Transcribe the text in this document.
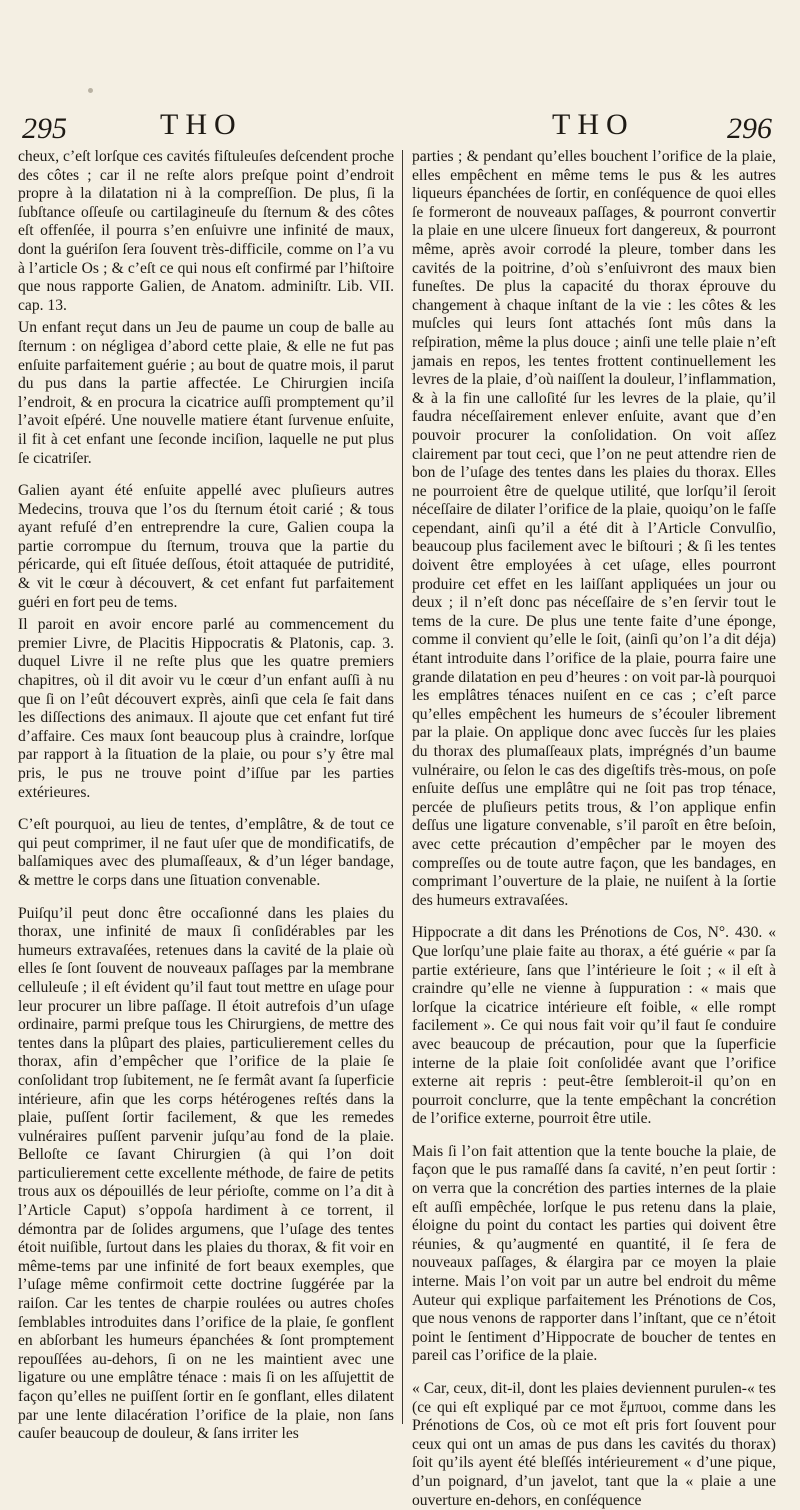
295	THO	THO	296

cheux, c’eſt lorſque ces cavités fiſtuleuſes deſcendent proche des côtes ; car il ne reſte alors preſque point d’endroit propre à la dilatation ni à la compreſſion. De plus, ſi la ſubſtance oſſeuſe ou cartilagineuſe du ſternum & des côtes eſt offenſée, il pourra s’en enſuivre une infinité de maux, dont la guériſon ſera ſouvent très-difficile, comme on l’a vu à l’article Os ; & c’eſt ce qui nous eſt confirmé par l’hiſtoire que nous rapporte Galien, de Anatom. adminiſtr. Lib. VII. cap. 13.

Un enfant reçut dans un Jeu de paume un coup de balle au ſternum : on négligea d’abord cette plaie, & elle ne fut pas enſuite parfaitement guérie ; au bout de quatre mois, il parut du pus dans la partie affectée. Le Chirurgien inciſa l’endroit, & en procura la cicatrice auſſi promptement qu’il l’avoit eſpéré. Une nouvelle matiere étant ſurvenue enſuite, il fit à cet enfant une ſeconde inciſion, laquelle ne put plus ſe cicatriſer.

Galien ayant été enſuite appellé avec pluſieurs autres Medecins, trouva que l’os du ſternum étoit carié ; & tous ayant refuſé d’en entreprendre la cure, Galien coupa la partie corrompue du ſternum, trouva que la partie du péricarde, qui eſt ſituée deſſous, étoit attaquée de putridité, & vit le cœur à découvert, & cet enfant fut parfaitement guéri en fort peu de tems.

Il paroit en avoir encore parlé au commencement du premier Livre, de Placitis Hippocratis & Platonis, cap. 3. duquel Livre il ne reſte plus que les quatre premiers chapitres, où il dit avoir vu le cœur d’un enfant auſſi à nu que ſi on l’eût découvert exprès, ainſi que cela ſe fait dans les diſſections des animaux. Il ajoute que cet enfant fut tiré d’affaire. Ces maux ſont beaucoup plus à craindre, lorſque par rapport à la ſituation de la plaie, ou pour s’y être mal pris, le pus ne trouve point d’iſſue par les parties extérieures.

C’eſt pourquoi, au lieu de tentes, d’emplâtre, & de tout ce qui peut comprimer, il ne faut uſer que de mondificatifs, de balſamiques avec des plumaſſeaux, & d’un léger bandage, & mettre le corps dans une ſituation convenable.

Puiſqu’il peut donc être occaſionné dans les plaies du thorax, une infinité de maux ſi conſidérables par les humeurs extravaſées, retenues dans la cavité de la plaie où elles ſe ſont ſouvent de nouveaux paſſages par la membrane celluleuſe ; il eſt évident qu’il faut tout mettre en uſage pour leur procurer un libre paſſage. Il étoit autrefois d’un uſage ordinaire, parmi preſque tous les Chirurgiens, de mettre des tentes dans la plûpart des plaies, particulierement celles du thorax, afin d’empêcher que l’orifice de la plaie ſe conſolidant trop ſubitement, ne ſe fermât avant ſa ſuperficie intérieure, afin que les corps hétérogenes reſtés dans la plaie, puſſent ſortir facilement, & que les remedes vulnéraires puſſent parvenir juſqu’au fond de la plaie. Belloſte ce ſavant Chirurgien (à qui l’on doit particulierement cette excellente méthode, de faire de petits trous aux os dépouillés de leur périoſte, comme on l’a dit à l’Article Caput) s’oppoſa hardiment à ce torrent, il démontra par de ſolides argumens, que l’uſage des tentes étoit nuiſible, ſurtout dans les plaies du thorax, & fit voir en même-tems par une infinité de fort beaux exemples, que l’uſage même confirmoit cette doctrine ſuggérée par la raiſon. Car les tentes de charpie roulées ou autres choſes ſemblables introduites dans l’orifice de la plaie, ſe gonflent en abſorbant les humeurs épanchées & ſont promptement repouſſées au-dehors, ſi on ne les maintient avec une ligature ou une emplâtre ténace : mais ſi on les aſſujettit de façon qu’elles ne puiſſent ſortir en ſe gonflant, elles dilatent par une lente dilacération l’orifice de la plaie, non ſans cauſer beaucoup de douleur, & ſans irriter les

parties ; & pendant qu’elles bouchent l’orifice de la plaie, elles empêchent en même tems le pus & les autres liqueurs épanchées de ſortir, en conſéquence de quoi elles ſe formeront de nouveaux paſſages, & pourront convertir la plaie en une ulcere ſinueux fort dangereux, & pourront même, après avoir corrodé la pleure, tomber dans les cavités de la poitrine, d’où s’enſuivront des maux bien funeſtes. De plus la capacité du thorax éprouve du changement à chaque inſtant de la vie : les côtes & les muſcles qui leurs ſont attachés ſont mûs dans la reſpiration, même la plus douce ; ainſi une telle plaie n’eſt jamais en repos, les tentes frottent continuellement les levres de la plaie, d’où naiſſent la douleur, l’inflammation, & à la fin une calloſité ſur les levres de la plaie, qu’il faudra néceſſairement enlever enſuite, avant que d’en pouvoir procurer la conſolidation. On voit aſſez clairement par tout ceci, que l’on ne peut attendre rien de bon de l’uſage des tentes dans les plaies du thorax. Elles ne pourroient être de quelque utilité, que lorſqu’il ſeroit néceſſaire de dilater l’orifice de la plaie, quoiqu’on le faſſe cependant, ainſi qu’il a été dit à l’Article Convulſio, beaucoup plus facilement avec le biſtouri ; & ſi les tentes doivent être employées à cet uſage, elles pourront produire cet effet en les laiſſant appliquées un jour ou deux ; il n’eſt donc pas néceſſaire de s’en ſervir tout le tems de la cure. De plus une tente faite d’une éponge, comme il convient qu’elle le ſoit, (ainſi qu’on l’a dit déja) étant introduite dans l’orifice de la plaie, pourra faire une grande dilatation en peu d’heures : on voit par-là pourquoi les emplâtres ténaces nuiſent en ce cas ; c’eſt parce qu’elles empêchent les humeurs de s’écouler librement par la plaie. On applique donc avec ſuccès ſur les plaies du thorax des plumaſſeaux plats, imprégnés d’un baume vulnéraire, ou ſelon le cas des digeſtifs très-mous, on poſe enſuite deſſus une emplâtre qui ne ſoit pas trop ténace, percée de pluſieurs petits trous, & l’on applique enfin deſſus une ligature convenable, s’il paroît en être beſoin, avec cette précaution d’empêcher par le moyen des compreſſes ou de toute autre façon, que les bandages, en comprimant l’ouverture de la plaie, ne nuiſent à la ſortie des humeurs extravaſées.

Hippocrate a dit dans les Prénotions de Cos, N°. 430. « Que lorſqu’une plaie faite au thorax, a été guérie « par ſa partie extérieure, ſans que l’intérieure le ſoit ; « il eſt à craindre qu’elle ne vienne à ſuppuration : « mais que lorſque la cicatrice intérieure eſt foible, « elle rompt facilement ». Ce qui nous fait voir qu’il faut ſe conduire avec beaucoup de précaution, pour que la ſuperficie interne de la plaie ſoit conſolidée avant que l’orifice externe ait repris : peut-être ſembleroit-il qu’on en pourroit conclurre, que la tente empêchant la concrétion de l’orifice externe, pourroit être utile.

Mais ſi l’on fait attention que la tente bouche la plaie, de façon que le pus ramaſſé dans ſa cavité, n’en peut ſortir : on verra que la concrétion des parties internes de la plaie eſt auſſi empêchée, lorſque le pus retenu dans la plaie, éloigne du point du contact les parties qui doivent être réunies, & qu’augmenté en quantité, il ſe fera de nouveaux paſſages, & élargira par ce moyen la plaie interne. Mais l’on voit par un autre bel endroit du même Auteur qui explique parfaitement les Prénotions de Cos, que nous venons de rapporter dans l’inſtant, que ce n’étoit point le ſentiment d’Hippocrate de boucher de tentes en pareil cas l’orifice de la plaie.

« Car, ceux, dit-il, dont les plaies deviennent purulen-« tes (ce qui eſt expliqué par ce mot ἔμπυοι, comme dans les Prénotions de Cos, où ce mot eſt pris fort ſouvent pour ceux qui ont un amas de pus dans les cavités du thorax) ſoit qu’ils ayent été bleſſés intérieurement « d’une pique, d’un poignard, d’un javelot, tant que la « plaie a une ouverture en-dehors, en conſéquence
